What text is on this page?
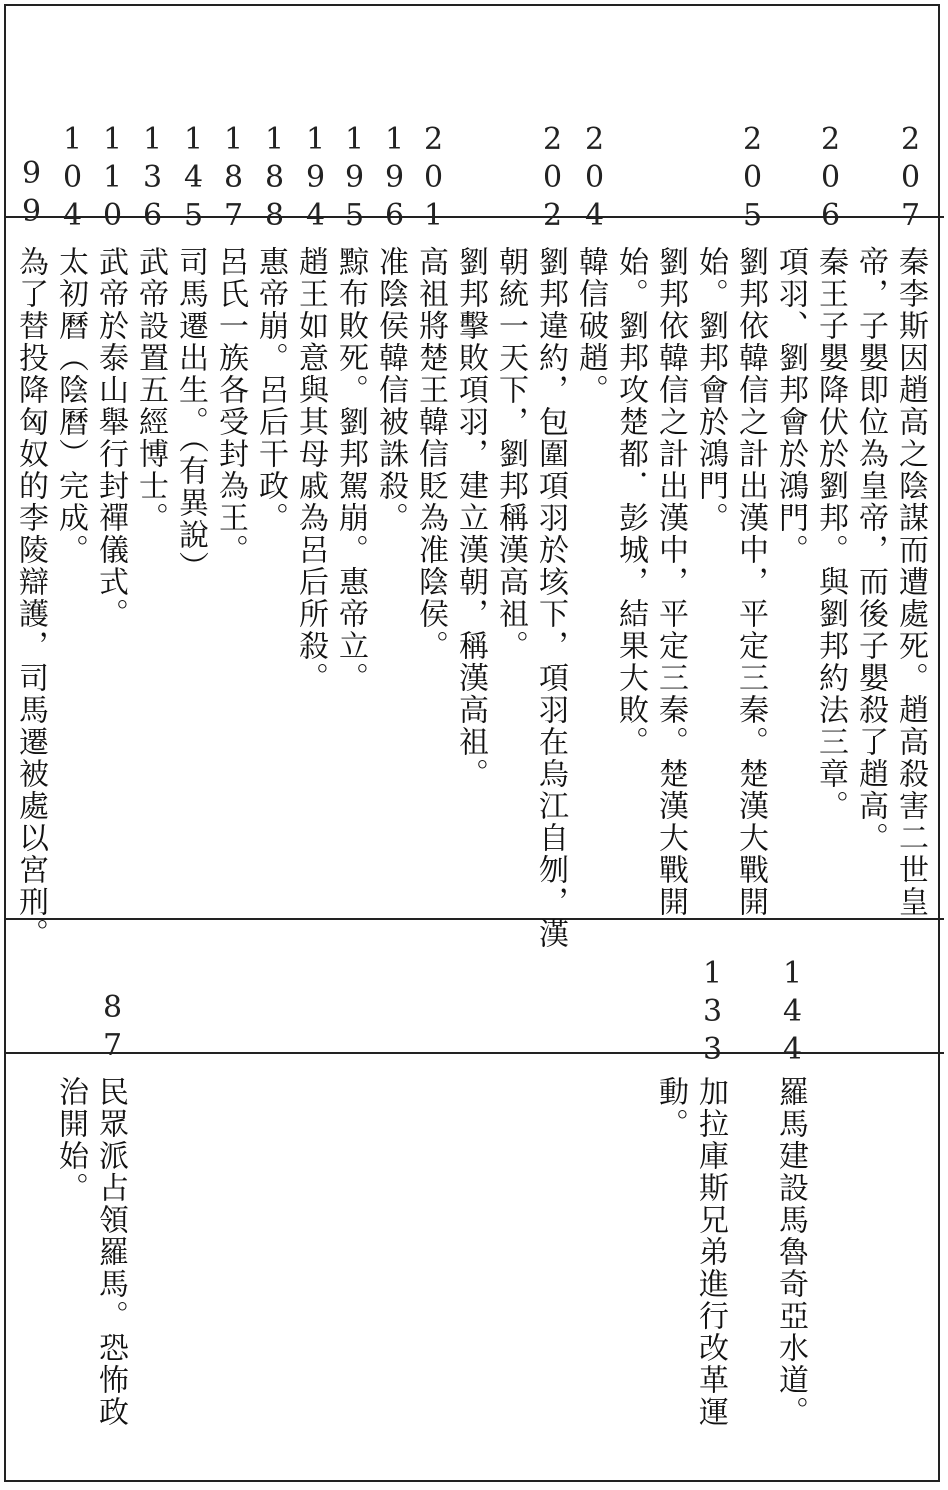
207
206
205
204
202
201
196
195
194
188
187
145
136
110
104
99
秦李斯因趙高之陰謀而遭處死。趙高殺害二世皇
帝，子嬰即位為皇帝，而後子嬰殺了趙高。
秦王子嬰降伏於劉邦。與劉邦約法三章。
項羽、劉邦會於鴻門。
劉邦依韓信之計出漢中，平定三秦。楚漢大戰開
始。劉邦會於鴻門。
劉邦依韓信之計出漢中，平定三秦。楚漢大戰開
始。劉邦攻楚都．彭城，結果大敗。
韓信破趙。
劉邦違約，包圍項羽於垓下，項羽在烏江自刎，漢
朝統一天下，劉邦稱漢高祖。
劉邦擊敗項羽，建立漢朝，稱漢高祖。
高祖將楚王韓信貶為准陰侯。
准陰侯韓信被誅殺。
黥布敗死。劉邦駕崩。惠帝立。
趙王如意與其母戚為呂后所殺。
惠帝崩。呂后干政。
呂氏一族各受封為王。
司馬遷出生。（有異說）
武帝設置五經博士。
武帝於泰山舉行封禪儀式。
太初曆（陰曆）完成。
為了替投降匈奴的李陵辯護，司馬遷被處以宮刑。
144
133
87
羅馬建設馬魯奇亞水道。
加拉庫斯兄弟進行改革運
動。
民眾派占領羅馬。恐怖政
治開始。
